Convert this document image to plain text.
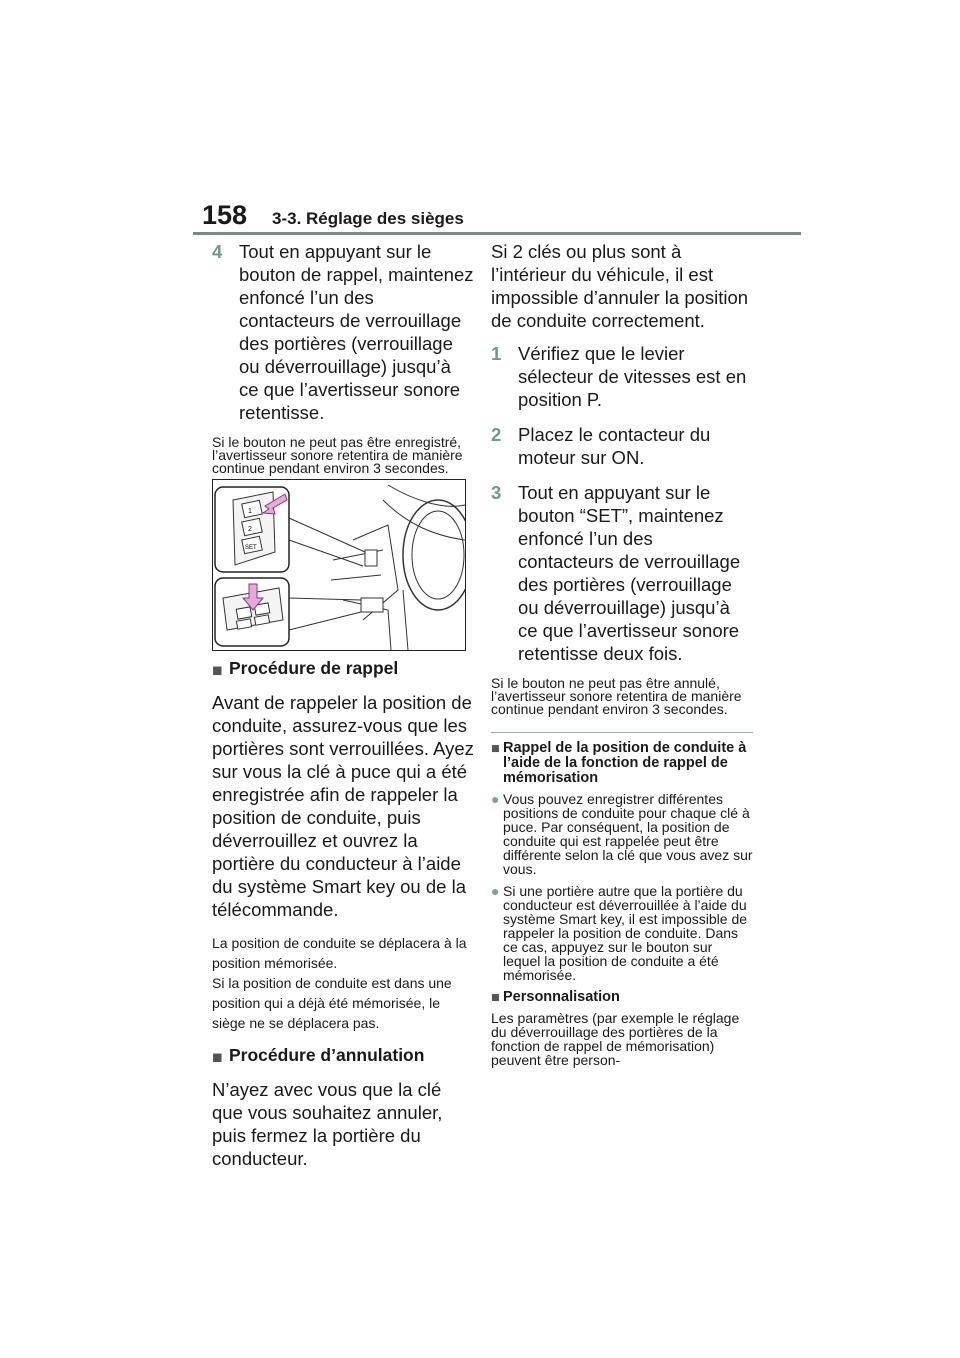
158 3-3. Réglage des sièges
4 Tout en appuyant sur le bouton de rappel, maintenez enfoncé l’un des contacteurs de verrouillage des portières (verrouillage ou déverrouillage) jusqu’à ce que l’avertisseur sonore retentisse.
Si le bouton ne peut pas être enregistré, l’avertisseur sonore retentira de manière continue pendant environ 3 secondes.
1
2
SET
■ Procédure de rappel
Avant de rappeler la position de conduite, assurez-vous que les portières sont verrouillées. Ayez sur vous la clé à puce qui a été enregistrée afin de rappeler la position de conduite, puis déverrouillez et ouvrez la portière du conducteur à l’aide du système Smart key ou de la télécommande.
La position de conduite se déplacera à la position mémorisée.
Si la position de conduite est dans une position qui a déjà été mémorisée, le siège ne se déplacera pas.
■ Procédure d’annulation
N’ayez avec vous que la clé que vous souhaitez annuler, puis fermez la portière du conducteur.
Si 2 clés ou plus sont à l’intérieur du véhicule, il est impossible d’annuler la position de conduite correctement.
1 Vérifiez que le levier sélecteur de vitesses est en position P.
2 Placez le contacteur du moteur sur ON.
3 Tout en appuyant sur le bouton “SET”, maintenez enfoncé l’un des contacteurs de verrouillage des portières (verrouillage ou déverrouillage) jusqu’à ce que l’avertisseur sonore retentisse deux fois.
Si le bouton ne peut pas être annulé, l’avertisseur sonore retentira de manière continue pendant environ 3 secondes.
■ Rappel de la position de conduite à l’aide de la fonction de rappel de mémorisation
● Vous pouvez enregistrer différentes positions de conduite pour chaque clé à puce. Par conséquent, la position de conduite qui est rappelée peut être différente selon la clé que vous avez sur vous.
● Si une portière autre que la portière du conducteur est déverrouillée à l’aide du système Smart key, il est impossible de rappeler la position de conduite. Dans ce cas, appuyez sur le bouton sur lequel la position de conduite a été mémorisée.
■ Personnalisation
Les paramètres (par exemple le réglage du déverrouillage des portières de la fonction de rappel de mémorisation) peuvent être person-
